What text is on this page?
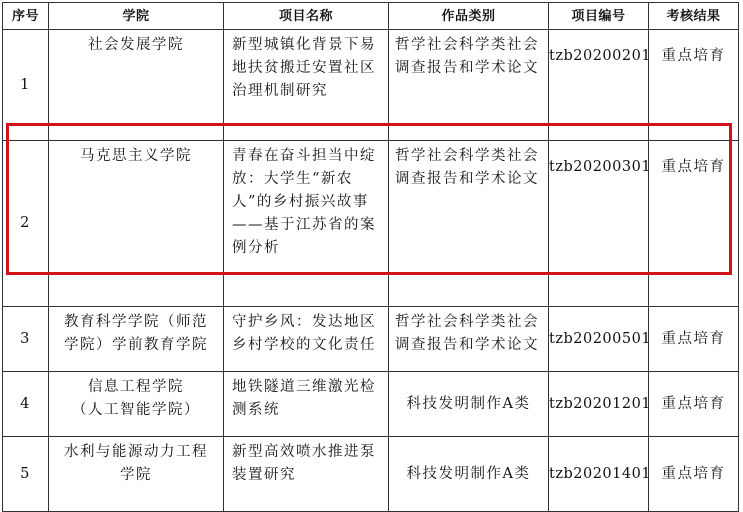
序号	学院	项目名称	作品类别	项目编号	考核结果
1	社会发展学院	新型城镇化背景下易
地扶贫搬迁安置社区
治理机制研究	哲学社会科学类社会
调查报告和学术论文	tzb20200201	重点培育
2	马克思主义学院	青春在奋斗担当中绽
放：大学生“新农
人”的乡村振兴故事
——基于江苏省的案
例分析	哲学社会科学类社会
调查报告和学术论文	tzb20200301	重点培育
3	教育科学学院（师范
学院）学前教育学院	守护乡风：发达地区
乡村学校的文化责任	哲学社会科学类社会
调查报告和学术论文	tzb20200501	重点培育
4	信息工程学院
（人工智能学院）	地铁隧道三维激光检
测系统	科技发明制作A类	tzb20201201	重点培育
5	水利与能源动力工程
学院	新型高效喷水推进泵
装置研究	科技发明制作A类	tzb20201401	重点培育
